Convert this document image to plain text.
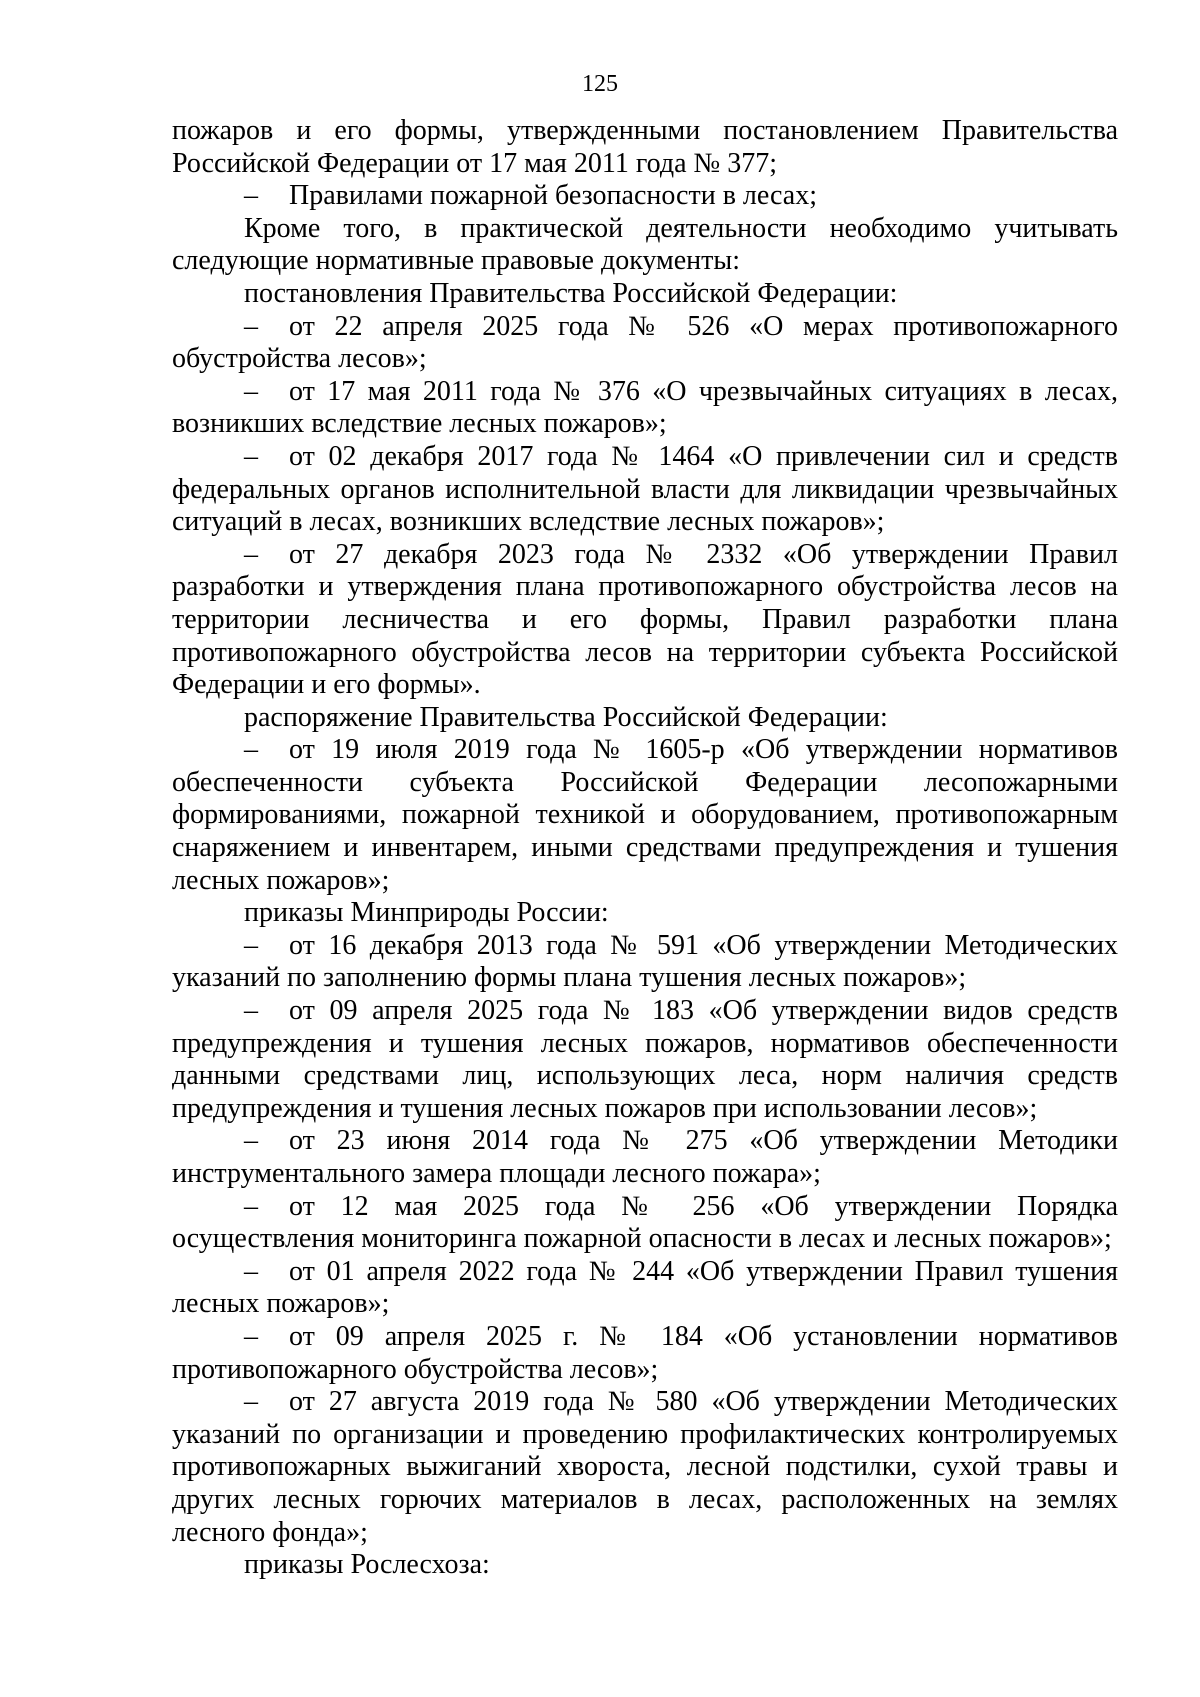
125

пожаров и его формы, утвержденными постановлением Правительства Российской Федерации от 17 мая 2011 года № 377;

– Правилами пожарной безопасности в лесах;

Кроме того, в практической деятельности необходимо учитывать следующие нормативные правовые документы:

постановления Правительства Российской Федерации:

– от 22 апреля 2025 года № 526 «О мерах противопожарного обустройства лесов»;

– от 17 мая 2011 года № 376 «О чрезвычайных ситуациях в лесах, возникших вследствие лесных пожаров»;

– от 02 декабря 2017 года № 1464 «О привлечении сил и средств федеральных органов исполнительной власти для ликвидации чрезвычайных ситуаций в лесах, возникших вследствие лесных пожаров»;

– от 27 декабря 2023 года № 2332 «Об утверждении Правил разработки и утверждения плана противопожарного обустройства лесов на территории лесничества и его формы, Правил разработки плана противопожарного обустройства лесов на территории субъекта Российской Федерации и его формы».

распоряжение Правительства Российской Федерации:

– от 19 июля 2019 года № 1605-р «Об утверждении нормативов обеспеченности субъекта Российской Федерации лесопожарными формированиями, пожарной техникой и оборудованием, противопожарным снаряжением и инвентарем, иными средствами предупреждения и тушения лесных пожаров»;

приказы Минприроды России:

– от 16 декабря 2013 года № 591 «Об утверждении Методических указаний по заполнению формы плана тушения лесных пожаров»;

– от 09 апреля 2025 года № 183 «Об утверждении видов средств предупреждения и тушения лесных пожаров, нормативов обеспеченности данными средствами лиц, использующих леса, норм наличия средств предупреждения и тушения лесных пожаров при использовании лесов»;

– от 23 июня 2014 года № 275 «Об утверждении Методики инструментального замера площади лесного пожара»;

– от 12 мая 2025 года № 256 «Об утверждении Порядка осуществления мониторинга пожарной опасности в лесах и лесных пожаров»;

– от 01 апреля 2022 года № 244 «Об утверждении Правил тушения лесных пожаров»;

– от 09 апреля 2025 г. № 184 «Об установлении нормативов противопожарного обустройства лесов»;

– от 27 августа 2019 года № 580 «Об утверждении Методических указаний по организации и проведению профилактических контролируемых противопожарных выжиганий хвороста, лесной подстилки, сухой травы и других лесных горючих материалов в лесах, расположенных на землях лесного фонда»;

приказы Рослесхоза:
